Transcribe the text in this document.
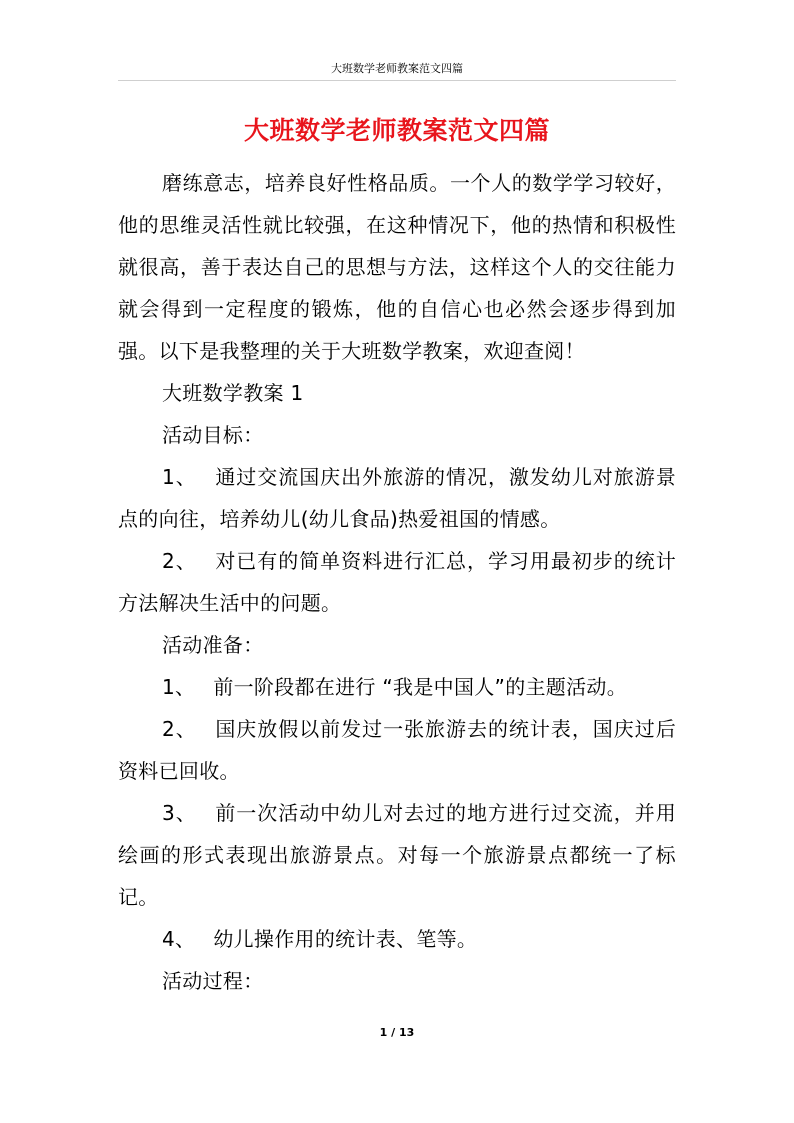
大班数学老师教案范文四篇
大班数学老师教案范文四篇

磨练意志，培养良好性格品质。一个人的数学学习较好，他的思维灵活性就比较强，在这种情况下，他的热情和积极性就很高，善于表达自己的思想与方法，这样这个人的交往能力就会得到一定程度的锻炼，他的自信心也必然会逐步得到加强。以下是我整理的关于大班数学教案，欢迎查阅！

大班数学教案 1

活动目标：

1、 通过交流国庆出外旅游的情况，激发幼儿对旅游景点的向往，培养幼儿(幼儿食品)热爱祖国的情感。

2、 对已有的简单资料进行汇总，学习用最初步的统计方法解决生活中的问题。

活动准备：

1、 前一阶段都在进行 “我是中国人”的主题活动。

2、 国庆放假以前发过一张旅游去的统计表，国庆过后资料已回收。

3、 前一次活动中幼儿对去过的地方进行过交流，并用绘画的形式表现出旅游景点。对每一个旅游景点都统一了标记。

4、 幼儿操作用的统计表、笔等。

活动过程：

1 / 13
